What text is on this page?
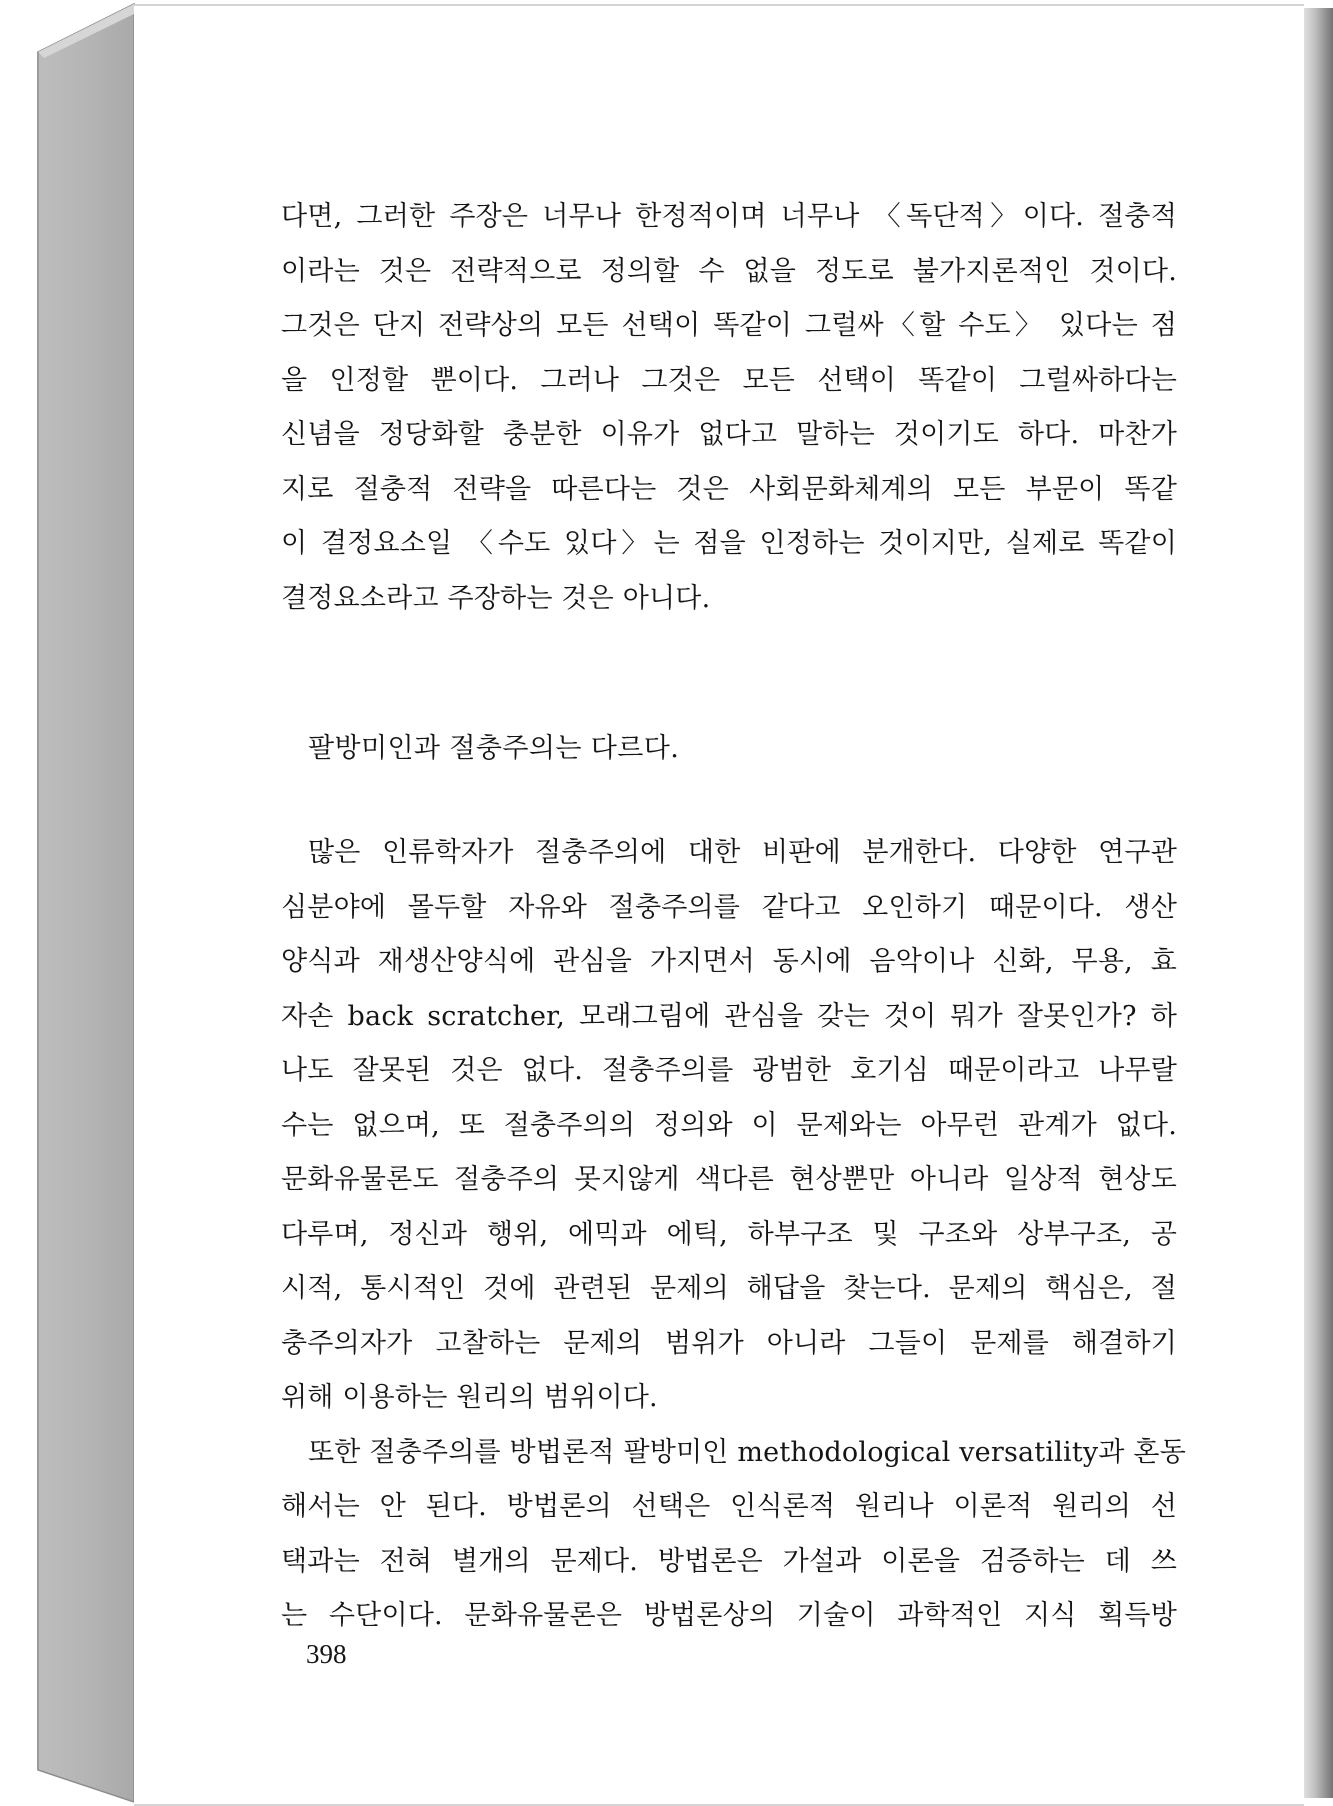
다면, 그러한 주장은 너무나 한정적이며 너무나 〈독단적〉이다. 절충적
이라는 것은 전략적으로 정의할 수 없을 정도로 불가지론적인 것이다.
그것은 단지 전략상의 모든 선택이 똑같이 그럴싸〈할 수도〉 있다는 점
을 인정할 뿐이다. 그러나 그것은 모든 선택이 똑같이 그럴싸하다는
신념을 정당화할 충분한 이유가 없다고 말하는 것이기도 하다. 마찬가
지로 절충적 전략을 따른다는 것은 사회문화체계의 모든 부문이 똑같
이 결정요소일 〈수도 있다〉는 점을 인정하는 것이지만, 실제로 똑같이
결정요소라고 주장하는 것은 아니다.
팔방미인과 절충주의는 다르다.
많은 인류학자가 절충주의에 대한 비판에 분개한다. 다양한 연구관
심분야에 몰두할 자유와 절충주의를 같다고 오인하기 때문이다. 생산
양식과 재생산양식에 관심을 가지면서 동시에 음악이나 신화, 무용, 효
자손 back scratcher, 모래그림에 관심을 갖는 것이 뭐가 잘못인가? 하
나도 잘못된 것은 없다. 절충주의를 광범한 호기심 때문이라고 나무랄
수는 없으며, 또 절충주의의 정의와 이 문제와는 아무런 관계가 없다.
문화유물론도 절충주의 못지않게 색다른 현상뿐만 아니라 일상적 현상도
다루며, 정신과 행위, 에믹과 에틱, 하부구조 및 구조와 상부구조, 공
시적, 통시적인 것에 관련된 문제의 해답을 찾는다. 문제의 핵심은, 절
충주의자가 고찰하는 문제의 범위가 아니라 그들이 문제를 해결하기
위해 이용하는 원리의 범위이다.
또한 절충주의를 방법론적 팔방미인 methodological versatility과 혼동
해서는 안 된다. 방법론의 선택은 인식론적 원리나 이론적 원리의 선
택과는 전혀 별개의 문제다. 방법론은 가설과 이론을 검증하는 데 쓰
는 수단이다. 문화유물론은 방법론상의 기술이 과학적인 지식 획득방
398
